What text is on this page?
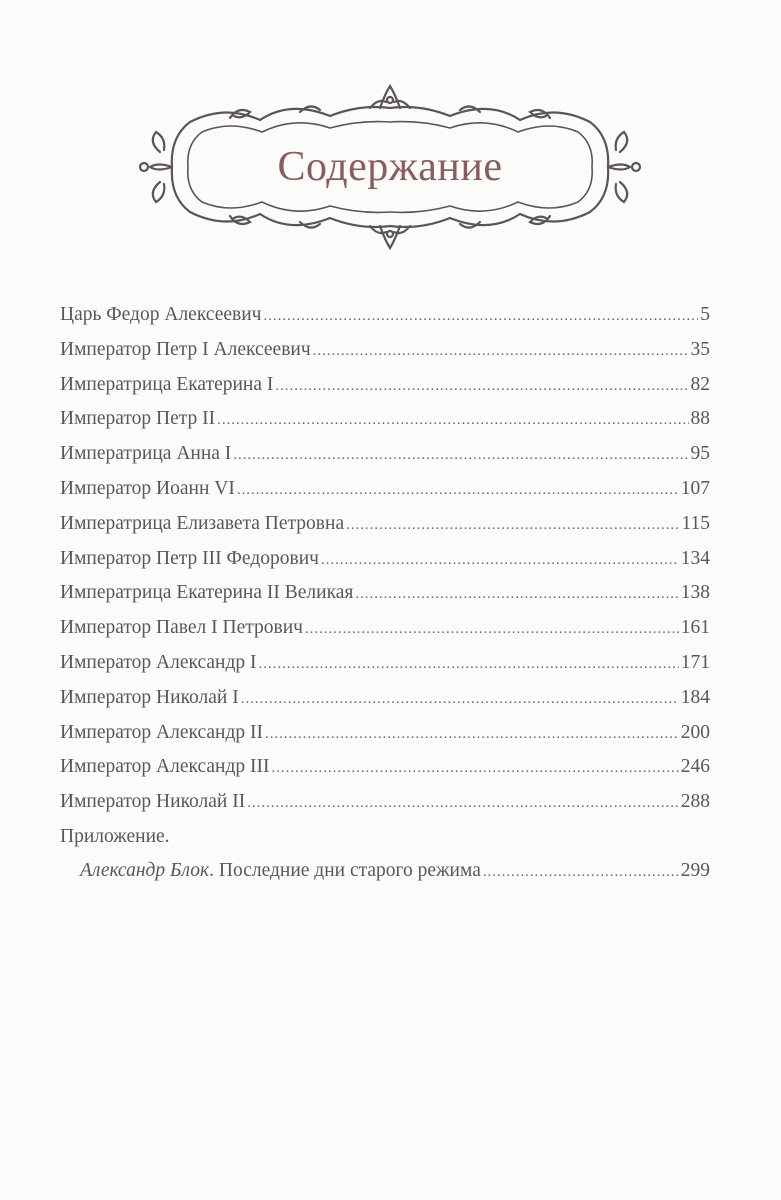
Содержание
Царь Федор Алексеевич . . .	5
Император Петр I Алексеевич . . .	35
Императрица Екатерина I . . .	82
Император Петр II . . .	88
Императрица Анна I . . .	95
Император Иоанн VI . . .	107
Императрица Елизавета Петровна . . .	115
Император Петр III Федорович . . .	134
Императрица Екатерина II Великая . . .	138
Император Павел I Петрович . . .	161
Император Александр I . . .	171
Император Николай I . . .	184
Император Александр II . . .	200
Император Александр III . . .	246
Император Николай II . . .	288
Приложение.
Александр Блок. Последние дни старого режима . . .	299
